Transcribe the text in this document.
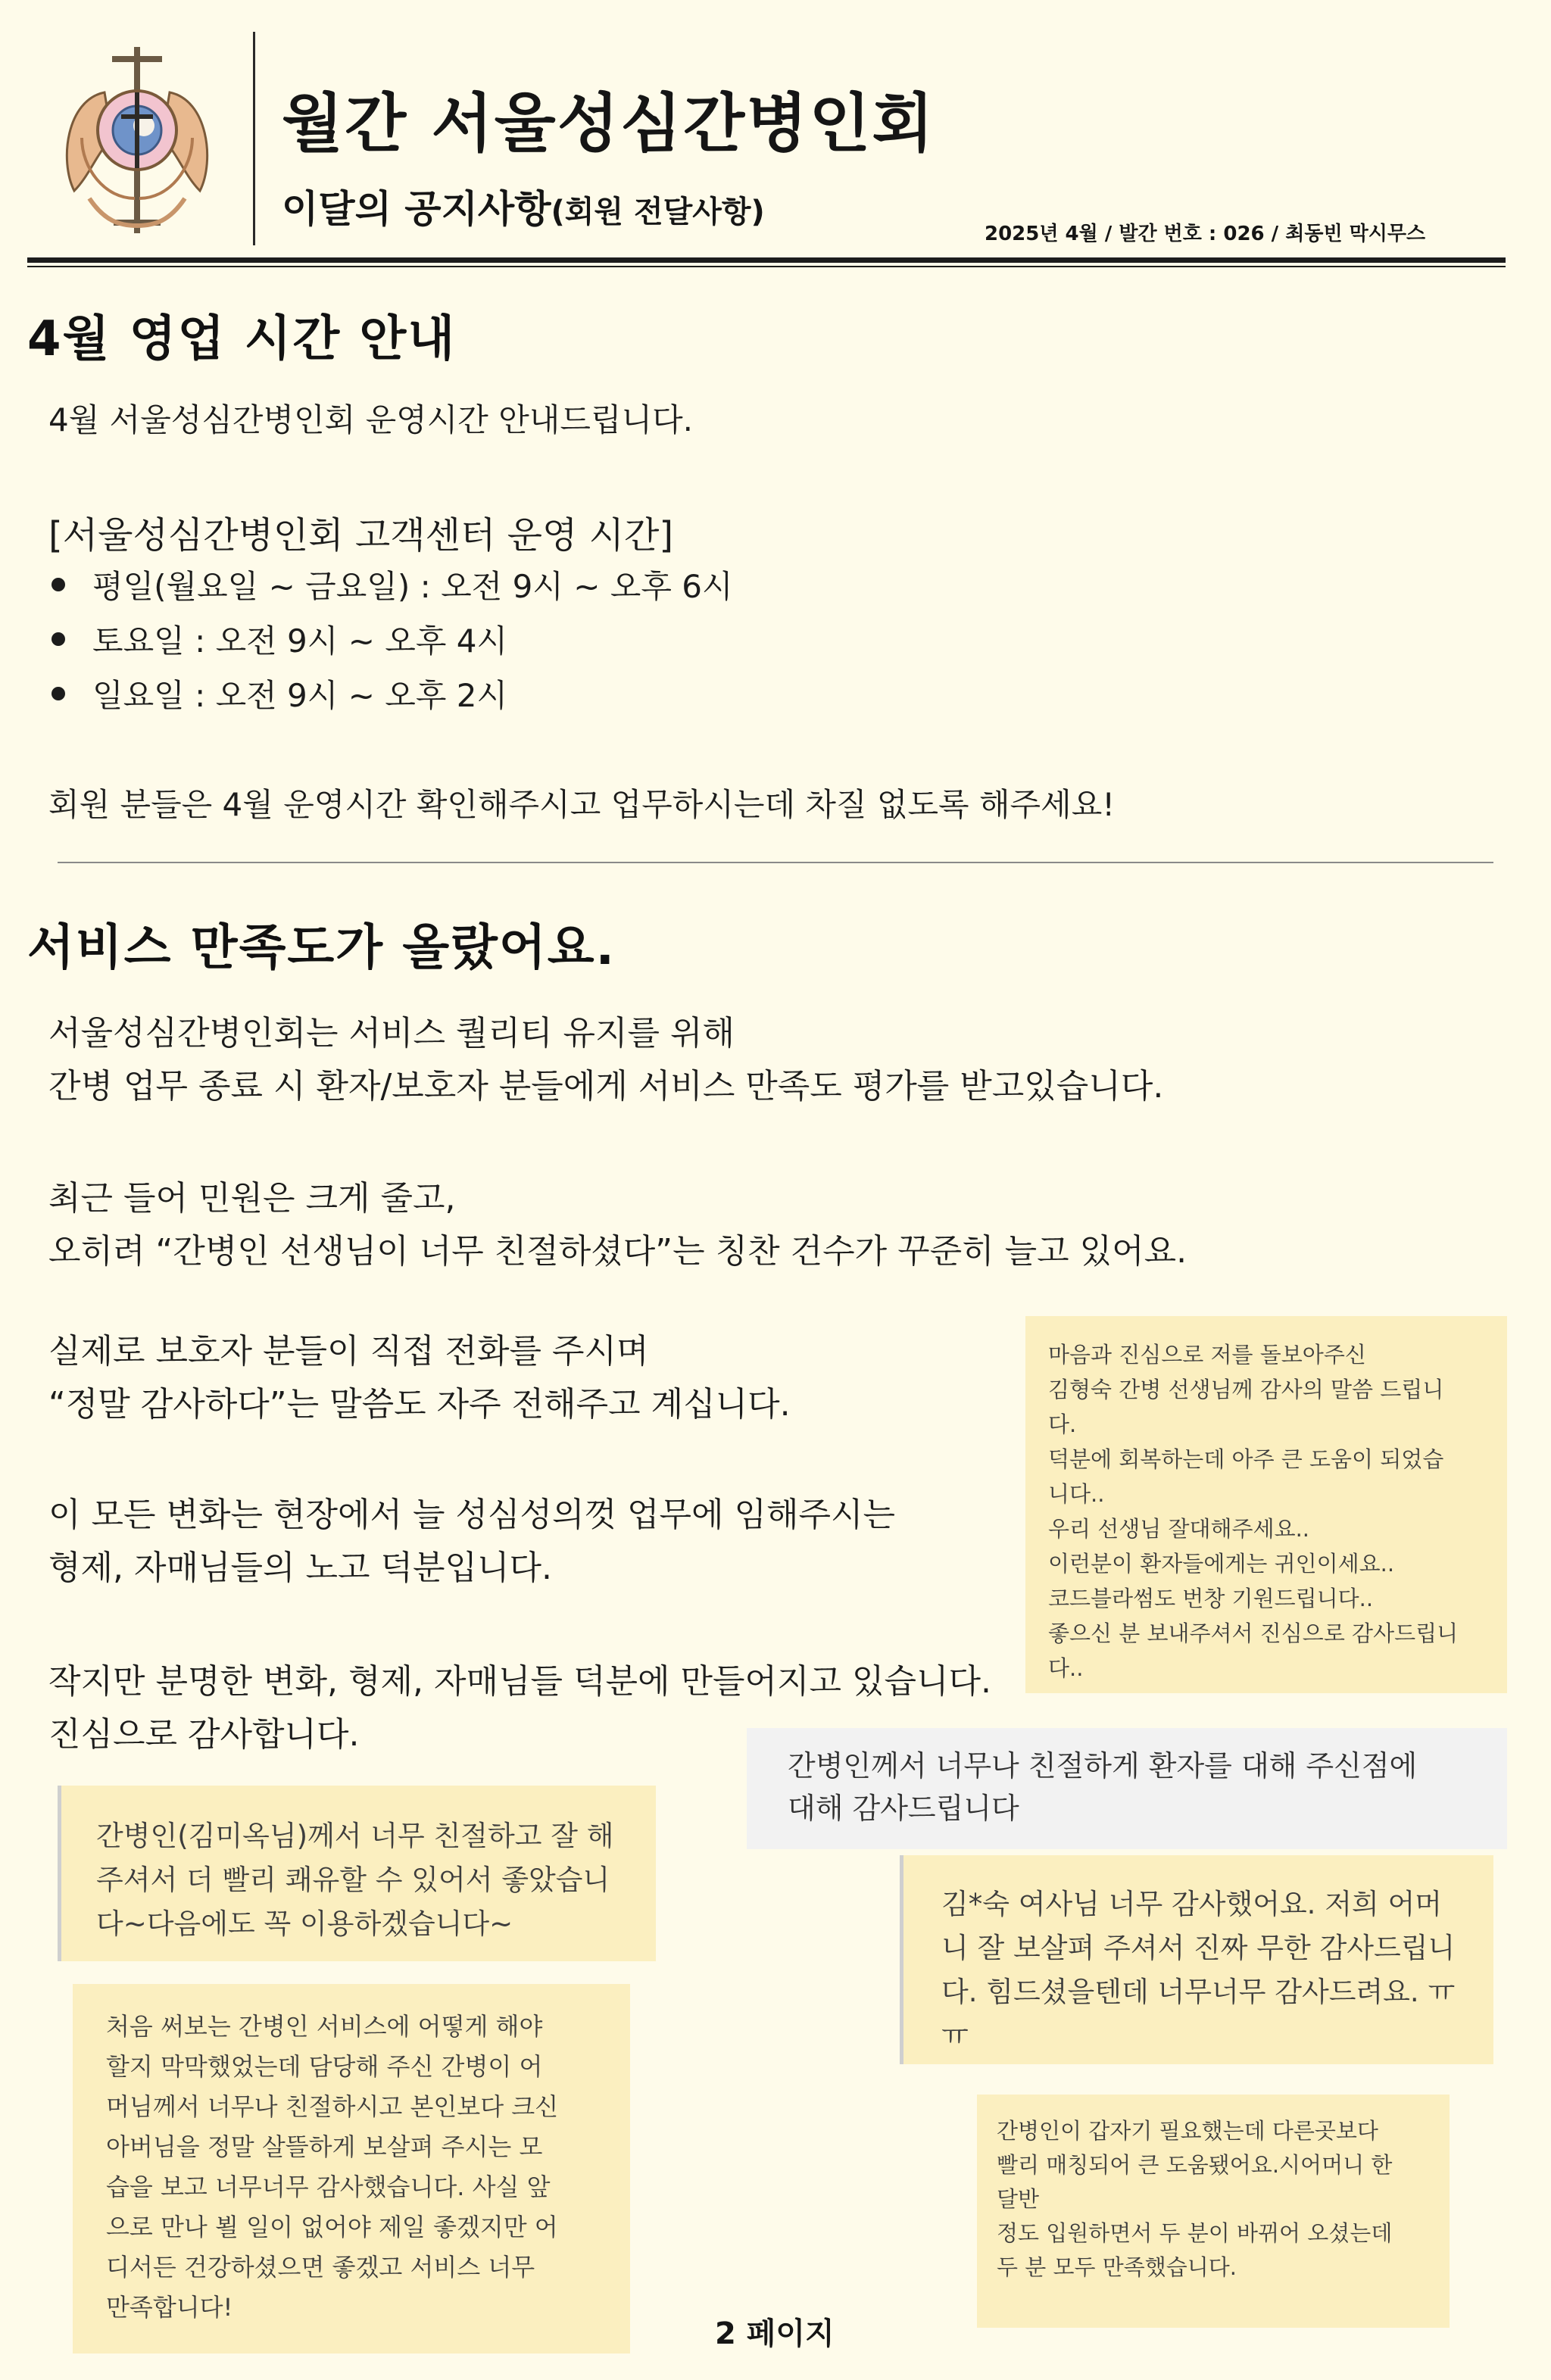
월간 서울성심간병인회
이달의 공지사항(회원 전달사항)
2025년 4월 / 발간 번호 : 026 / 최동빈 막시무스
4월 영업 시간 안내
4월 서울성심간병인회 운영시간 안내드립니다.
[서울성심간병인회 고객센터 운영 시간]
평일(월요일 ~ 금요일) : 오전 9시 ~ 오후 6시
토요일 : 오전 9시 ~ 오후 4시
일요일 : 오전 9시 ~ 오후 2시
회원 분들은 4월 운영시간 확인해주시고 업무하시는데 차질 없도록 해주세요!
서비스 만족도가 올랐어요.
서울성심간병인회는 서비스 퀄리티 유지를 위해
간병 업무 종료 시 환자/보호자 분들에게 서비스 만족도 평가를 받고있습니다.
최근 들어 민원은 크게 줄고,
오히려 “간병인 선생님이 너무 친절하셨다”는 칭찬 건수가 꾸준히 늘고 있어요.
실제로 보호자 분들이 직접 전화를 주시며
“정말 감사하다”는 말씀도 자주 전해주고 계십니다.
이 모든 변화는 현장에서 늘 성심성의껏 업무에 임해주시는
형제, 자매님들의 노고 덕분입니다.
작지만 분명한 변화, 형제, 자매님들 덕분에 만들어지고 있습니다.
진심으로 감사합니다.
마음과 진심으로 저를 돌보아주신
김형숙 간병 선생님께 감사의 말씀 드립니
다.
덕분에 회복하는데 아주 큰 도움이 되었습
니다..
우리 선생님 잘대해주세요..
이런분이 환자들에게는 귀인이세요..
코드블라썸도 번창 기원드립니다..
좋으신 분 보내주셔서 진심으로 감사드립니
다..
간병인께서 너무나 친절하게 환자를 대해 주신점에
대해 감사드립니다
간병인(김미옥님)께서 너무 친절하고 잘 해
주셔서 더 빨리 쾌유할 수 있어서 좋았습니
다~다음에도 꼭 이용하겠습니다~
김*숙 여사님 너무 감사했어요. 저희 어머
니 잘 보살펴 주셔서 진짜 무한 감사드립니
다. 힘드셨을텐데 너무너무 감사드려요. ㅠ
ㅠ
처음 써보는 간병인 서비스에 어떻게 해야
할지 막막했었는데 담당해 주신 간병이 어
머님께서 너무나 친절하시고 본인보다 크신
아버님을 정말 살뜰하게 보살펴 주시는 모
습을 보고 너무너무 감사했습니다. 사실 앞
으로 만나 뵐 일이 없어야 제일 좋겠지만 어
디서든 건강하셨으면 좋겠고 서비스 너무
만족합니다!
간병인이 갑자기 필요했는데 다른곳보다
빨리 매칭되어 큰 도움됐어요.시어머니 한
달반
정도 입원하면서 두 분이 바뀌어 오셨는데
두 분 모두 만족했습니다.
2 페이지
